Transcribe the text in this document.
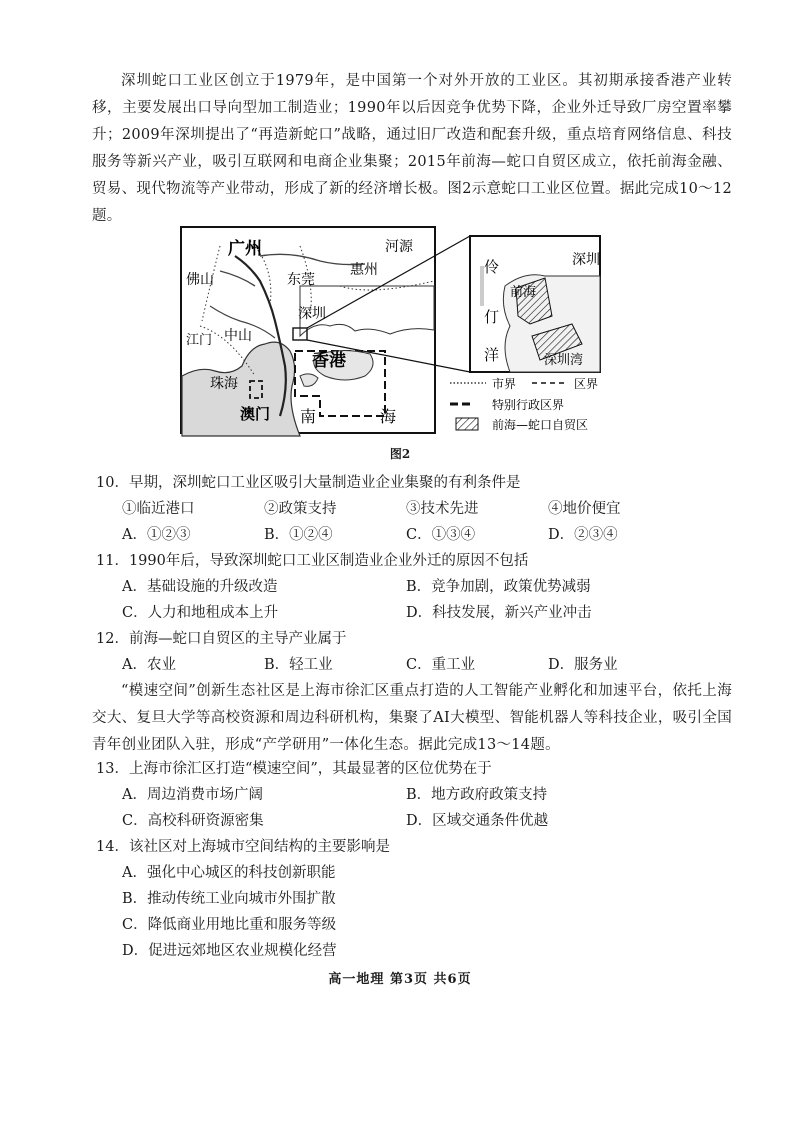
深圳蛇口工业区创立于1979年，是中国第一个对外开放的工业区。其初期承接香港产业转移，主要发展出口导向型加工制造业；1990年以后因竞争优势下降，企业外迁导致厂房空置率攀升；2009年深圳提出了“再造新蛇口”战略，通过旧厂改造和配套升级，重点培育网络信息、科技服务等新兴产业，吸引互联网和电商企业集聚；2015年前海—蛇口自贸区成立，依托前海金融、贸易、现代物流等产业带动，形成了新的经济增长极。图2示意蛇口工业区位置。据此完成10～12题。
广州	河源
佛山	东莞
惠州
深圳
江门 中山
香港
珠海
澳门 南	海
深圳
前海
伶
仃
洋	深圳湾
市界	区界
特别行政区界
前海—蛇口自贸区
图2
10．早期，深圳蛇口工业区吸引大量制造业企业集聚的有利条件是
①临近港口	②政策支持	③技术先进	④地价便宜
A．①②③	B．①②④	C．①③④	D．②③④
11．1990年后，导致深圳蛇口工业区制造业企业外迁的原因不包括
A．基础设施的升级改造	B．竞争加剧，政策优势减弱
C．人力和地租成本上升	D．科技发展，新兴产业冲击
12．前海—蛇口自贸区的主导产业属于
A．农业	B．轻工业	C．重工业	D．服务业
“模速空间”创新生态社区是上海市徐汇区重点打造的人工智能产业孵化和加速平台，依托上海交大、复旦大学等高校资源和周边科研机构，集聚了AI大模型、智能机器人等科技企业，吸引全国青年创业团队入驻，形成“产学研用”一体化生态。据此完成13～14题。
13．上海市徐汇区打造“模速空间”，其最显著的区位优势在于
A．周边消费市场广阔	B．地方政府政策支持
C．高校科研资源密集	D．区域交通条件优越
14．该社区对上海城市空间结构的主要影响是
A．强化中心城区的科技创新职能
B．推动传统工业向城市外围扩散
C．降低商业用地比重和服务等级
D．促进远郊地区农业规模化经营
高一地理 第3页 共6页
